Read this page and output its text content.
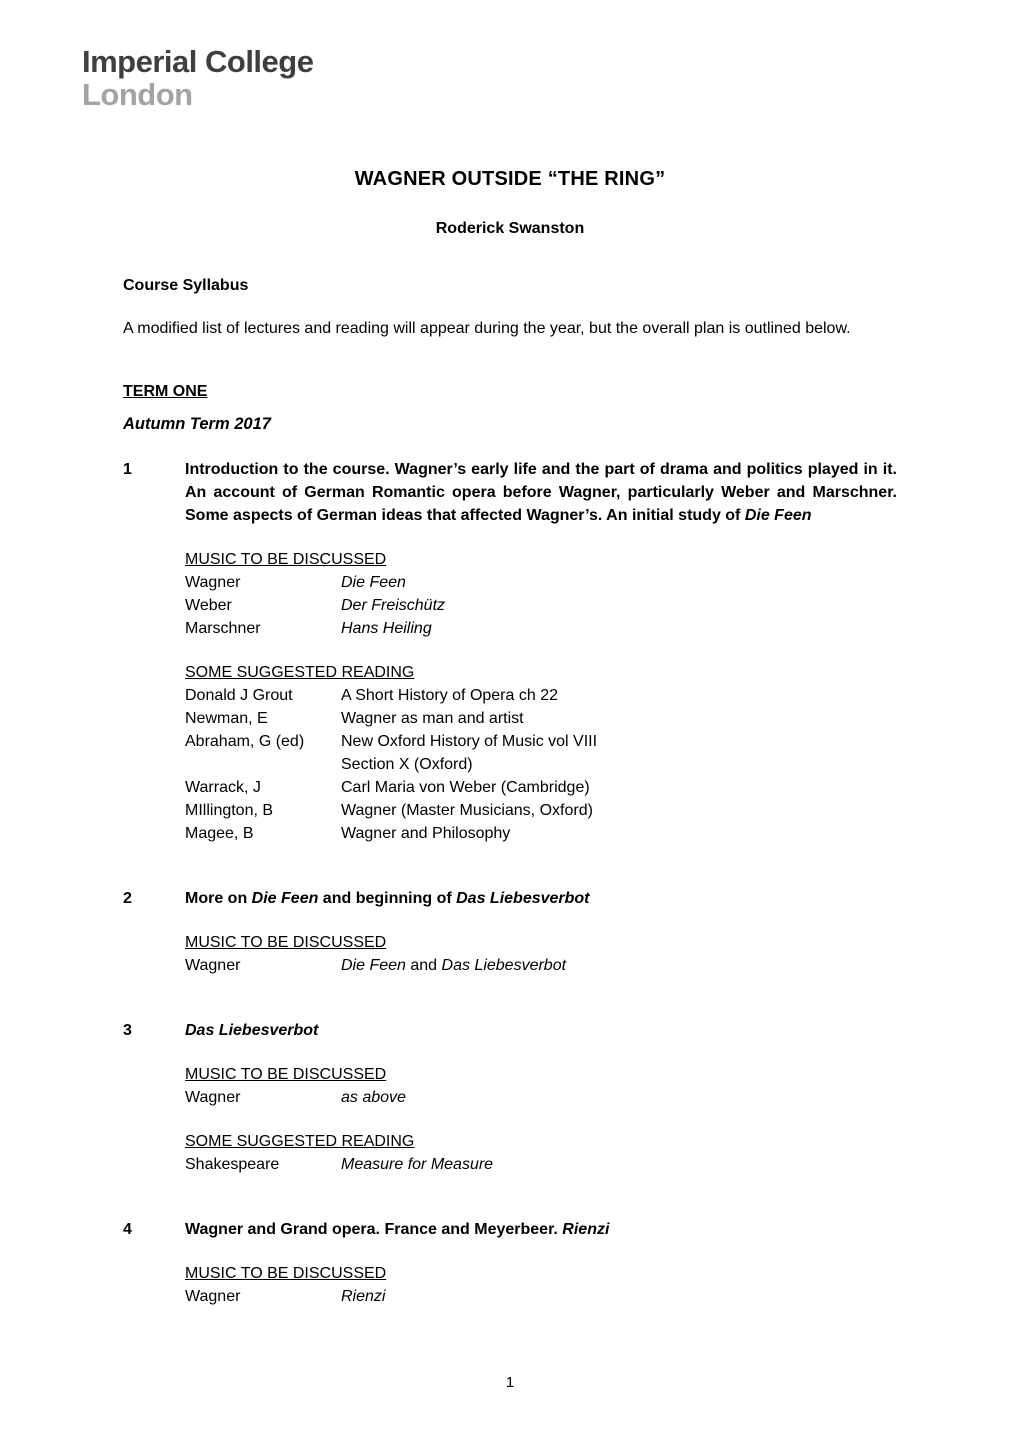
Imperial College
London
WAGNER OUTSIDE “THE RING”

Roderick Swanston

Course Syllabus

A modified list of lectures and reading will appear during the year, but the overall plan is outlined below.

TERM ONE

Autumn Term 2017

1	Introduction to the course. Wagner’s early life and the part of drama and politics played in it. An account of German Romantic opera before Wagner, particularly Weber and Marschner. Some aspects of German ideas that affected Wagner’s. An initial study of Die Feen

MUSIC TO BE DISCUSSED

Wagner	Die Feen
Weber	Der Freischütz
Marschner	Hans Heiling

SOME SUGGESTED READING

Donald J Grout	A Short History of Opera ch 22
Newman, E	Wagner as man and artist
Abraham, G (ed)	New Oxford History of Music vol VIII
Section X (Oxford)
Warrack, J	Carl Maria von Weber (Cambridge)
MIllington, B	Wagner (Master Musicians, Oxford)
Magee, B	Wagner and Philosophy
2	More on Die Feen and beginning of Das Liebesverbot

MUSIC TO BE DISCUSSED

Wagner	Die Feen and Das Liebesverbot
3	Das Liebesverbot

MUSIC TO BE DISCUSSED

Wagner	as above

SOME SUGGESTED READING

Shakespeare	Measure for Measure
4	Wagner and Grand opera. France and Meyerbeer. Rienzi

MUSIC TO BE DISCUSSED

Wagner	Rienzi
1
